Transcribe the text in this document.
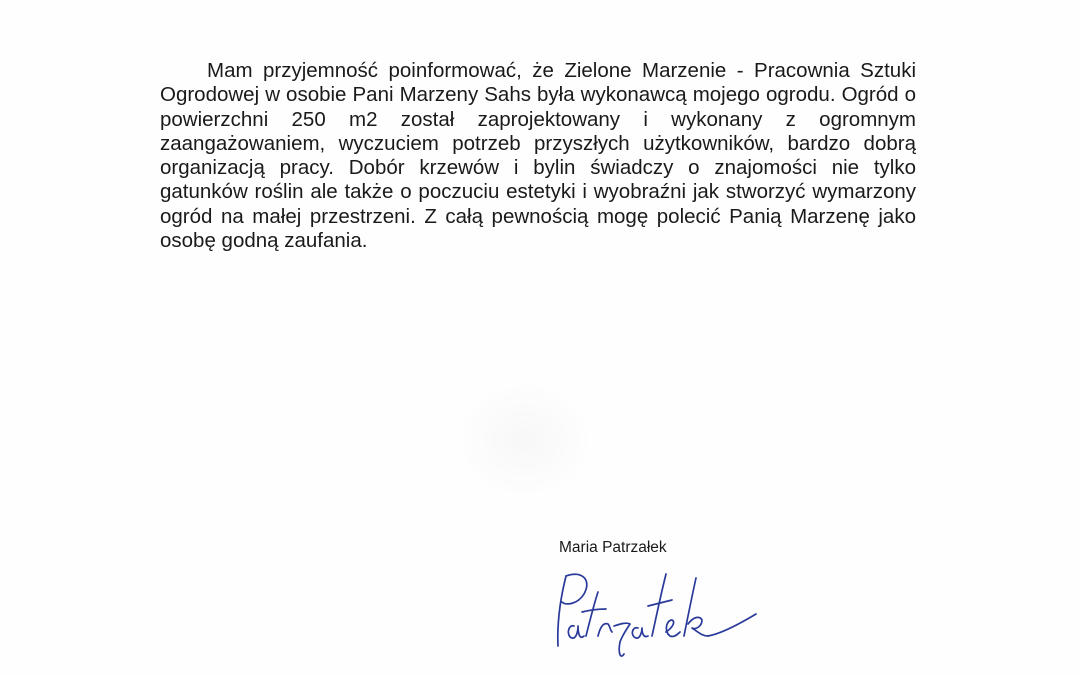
Mam przyjemność poinformować, że Zielone Marzenie - Pracownia Sztuki Ogrodowej w osobie Pani Marzeny Sahs była wykonawcą mojego ogrodu. Ogród o powierzchni 250 m2 został zaprojektowany i wykonany z ogromnym zaangażowaniem, wyczuciem potrzeb przyszłych użytkowników, bardzo dobrą organizacją pracy. Dobór krzewów i bylin świadczy o znajomości nie tylko gatunków roślin ale także o poczuciu estetyki i wyobraźni jak stworzyć wymarzony ogród na małej przestrzeni. Z całą pewnością mogę polecić Panią Marzenę jako osobę godną zaufania.

Maria Patrzałek
